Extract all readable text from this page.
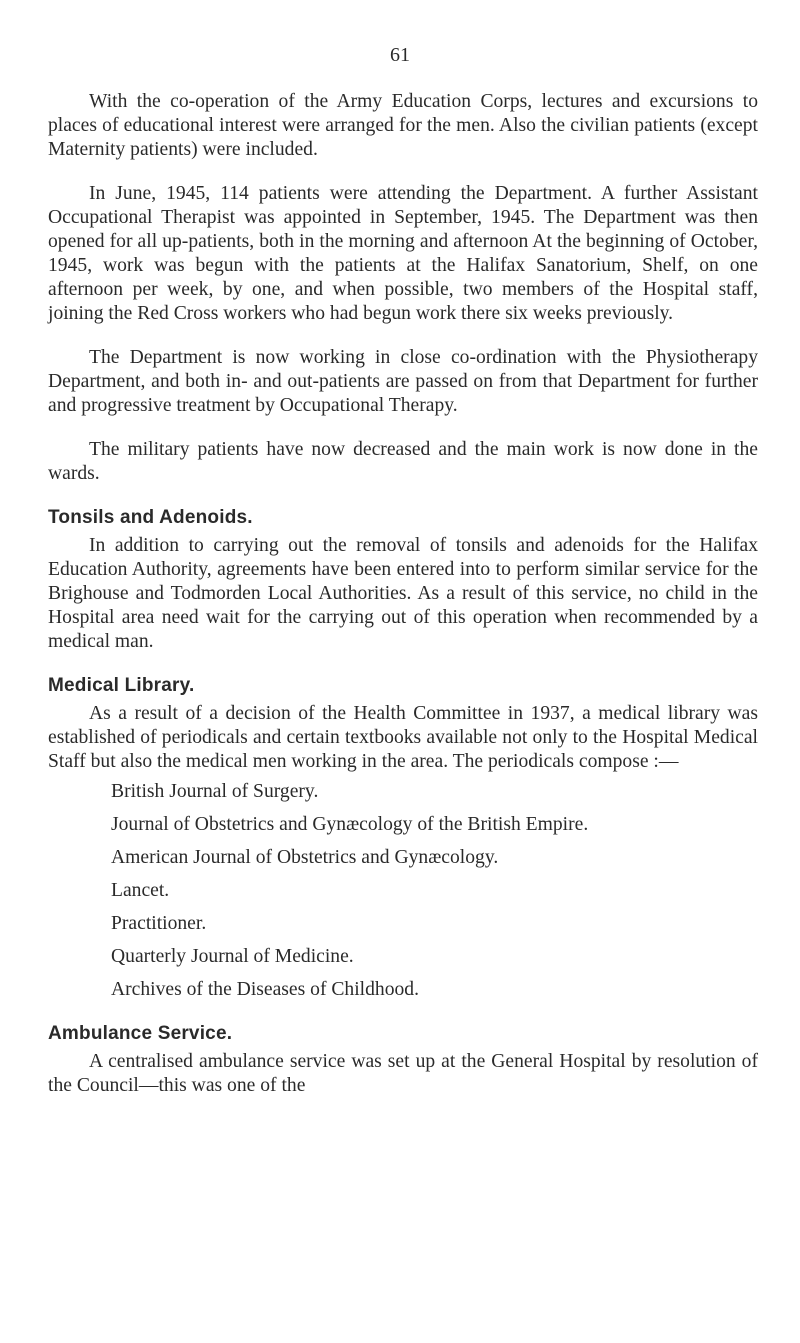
61

With the co-operation of the Army Education Corps, lectures and excursions to places of educational interest were arranged for the men. Also the civilian patients (except Maternity patients) were included.

In June, 1945, 114 patients were attending the Department. A further Assistant Occupational Therapist was appointed in September, 1945. The Department was then opened for all up-patients, both in the morning and afternoon At the beginning of October, 1945, work was begun with the patients at the Halifax Sanatorium, Shelf, on one afternoon per week, by one, and when possible, two members of the Hospital staff, joining the Red Cross workers who had begun work there six weeks previously.

The Department is now working in close co-ordination with the Physiotherapy Department, and both in- and out-patients are passed on from that Department for further and progressive treatment by Occupational Therapy.

The military patients have now decreased and the main work is now done in the wards.

Tonsils and Adenoids.

In addition to carrying out the removal of tonsils and adenoids for the Halifax Education Authority, agreements have been entered into to perform similar service for the Brighouse and Todmorden Local Authorities. As a result of this service, no child in the Hospital area need wait for the carrying out of this operation when recommended by a medical man.

Medical Library.

As a result of a decision of the Health Committee in 1937, a medical library was established of periodicals and certain textbooks available not only to the Hospital Medical Staff but also the medical men working in the area. The periodicals compose :—

British Journal of Surgery.
Journal of Obstetrics and Gynæcology of the British Empire.
American Journal of Obstetrics and Gynæcology.
Lancet.
Practitioner.
Quarterly Journal of Medicine.
Archives of the Diseases of Childhood.
Ambulance Service.

A centralised ambulance service was set up at the General Hospital by resolution of the Council—this was one of the
